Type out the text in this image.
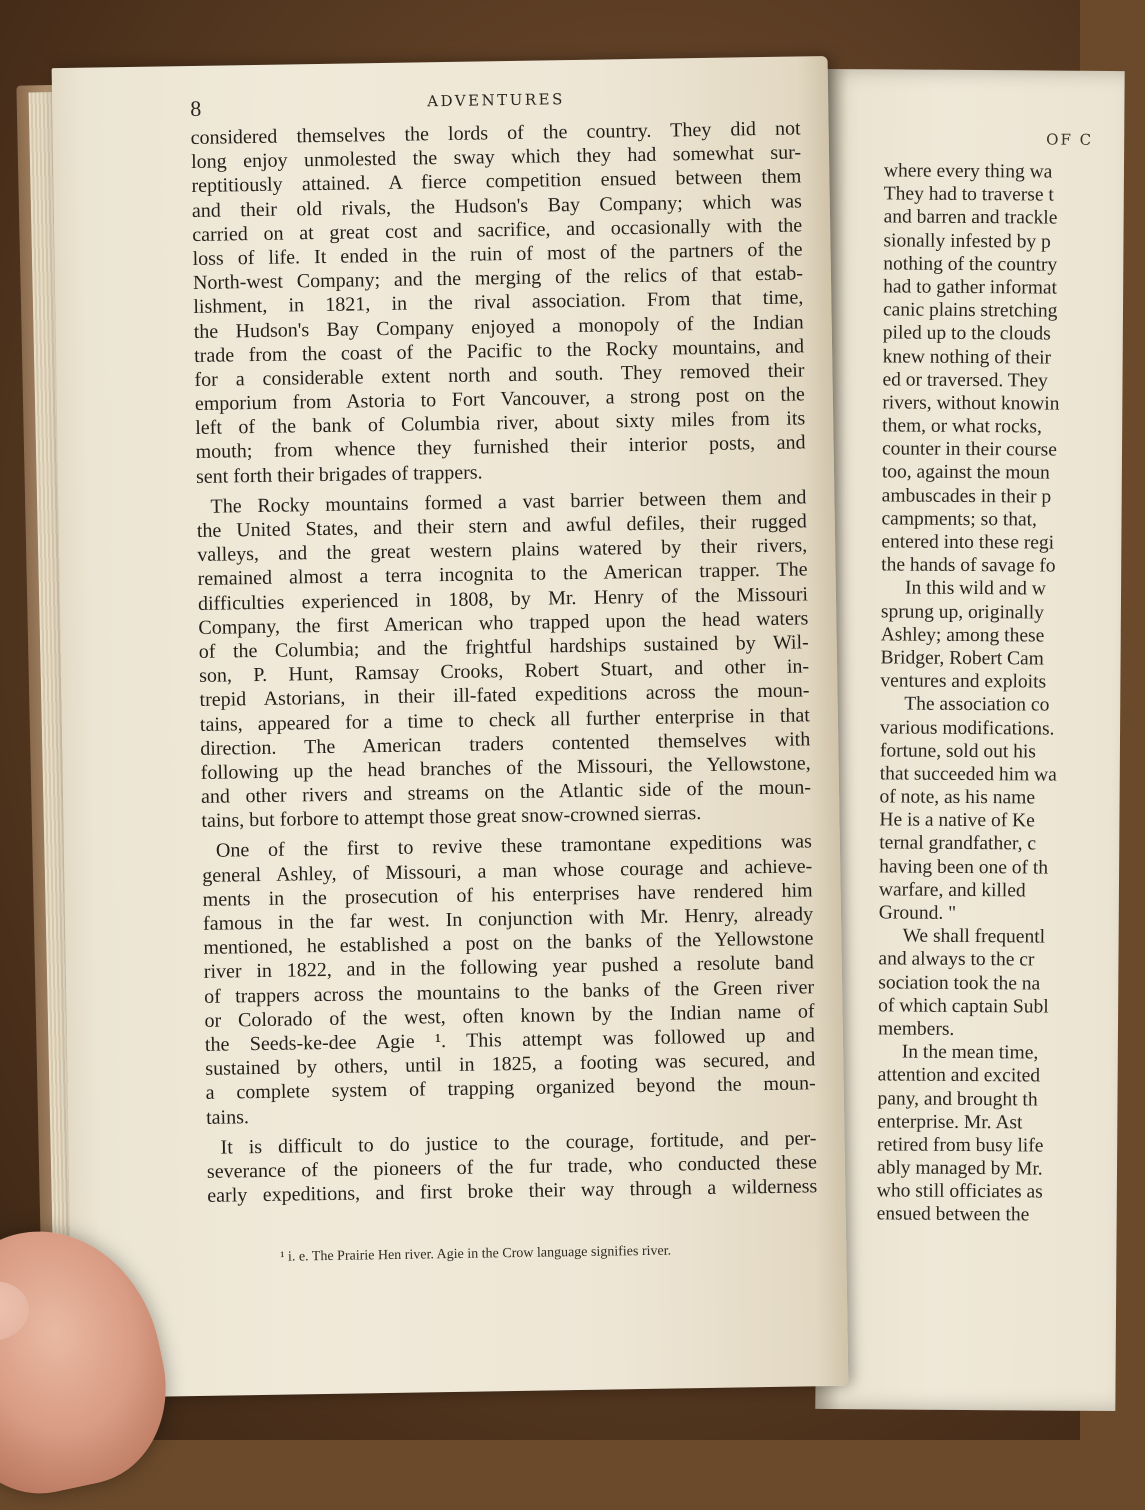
OF C
where every thing wa
They had to traverse t
and barren and trackle
sionally infested by p
nothing of the country
had to gather informat
canic plains stretching
piled up to the clouds
knew nothing of their
ed or traversed. They
rivers, without knowin
them, or what rocks,
counter in their course
too, against the moun
ambuscades in their p
campments; so that,
entered into these regi
the hands of savage fo
In this wild and w
sprung up, originally
Ashley; among these
Bridger, Robert Cam
ventures and exploits
The association co
various modifications.
fortune, sold out his
that succeeded him wa
of note, as his name
He is a native of Ke
ternal grandfather, c
having been one of th
warfare, and killed
Ground. "
We shall frequentl
and always to the cr
sociation took the na
of which captain Subl
members.
In the mean time,
attention and excited
pany, and brought th
enterprise. Mr. Ast
retired from busy life
ably managed by Mr.
who still officiates as
ensued between the
8	ADVENTURES
considered themselves the lords of the country. They did not
long enjoy unmolested the sway which they had somewhat sur-
reptitiously attained. A fierce competition ensued between them
and their old rivals, the Hudson's Bay Company; which was
carried on at great cost and sacrifice, and occasionally with the
loss of life. It ended in the ruin of most of the partners of the
North-west Company; and the merging of the relics of that estab-
lishment, in 1821, in the rival association. From that time,
the Hudson's Bay Company enjoyed a monopoly of the Indian
trade from the coast of the Pacific to the Rocky mountains, and
for a considerable extent north and south. They removed their
emporium from Astoria to Fort Vancouver, a strong post on the
left of the bank of Columbia river, about sixty miles from its
mouth; from whence they furnished their interior posts, and
sent forth their brigades of trappers.
The Rocky mountains formed a vast barrier between them and
the United States, and their stern and awful defiles, their rugged
valleys, and the great western plains watered by their rivers,
remained almost a terra incognita to the American trapper. The
difficulties experienced in 1808, by Mr. Henry of the Missouri
Company, the first American who trapped upon the head waters
of the Columbia; and the frightful hardships sustained by Wil-
son, P. Hunt, Ramsay Crooks, Robert Stuart, and other in-
trepid Astorians, in their ill-fated expeditions across the moun-
tains, appeared for a time to check all further enterprise in that
direction. The American traders contented themselves with
following up the head branches of the Missouri, the Yellowstone,
and other rivers and streams on the Atlantic side of the moun-
tains, but forbore to attempt those great snow-crowned sierras.
One of the first to revive these tramontane expeditions was
general Ashley, of Missouri, a man whose courage and achieve-
ments in the prosecution of his enterprises have rendered him
famous in the far west. In conjunction with Mr. Henry, already
mentioned, he established a post on the banks of the Yellowstone
river in 1822, and in the following year pushed a resolute band
of trappers across the mountains to the banks of the Green river
or Colorado of the west, often known by the Indian name of
the Seeds-ke-dee Agie ¹. This attempt was followed up and
sustained by others, until in 1825, a footing was secured, and
a complete system of trapping organized beyond the moun-
tains.
It is difficult to do justice to the courage, fortitude, and per-
severance of the pioneers of the fur trade, who conducted these
early expeditions, and first broke their way through a wilderness
¹ i. e. The Prairie Hen river. Agie in the Crow language signifies river.
